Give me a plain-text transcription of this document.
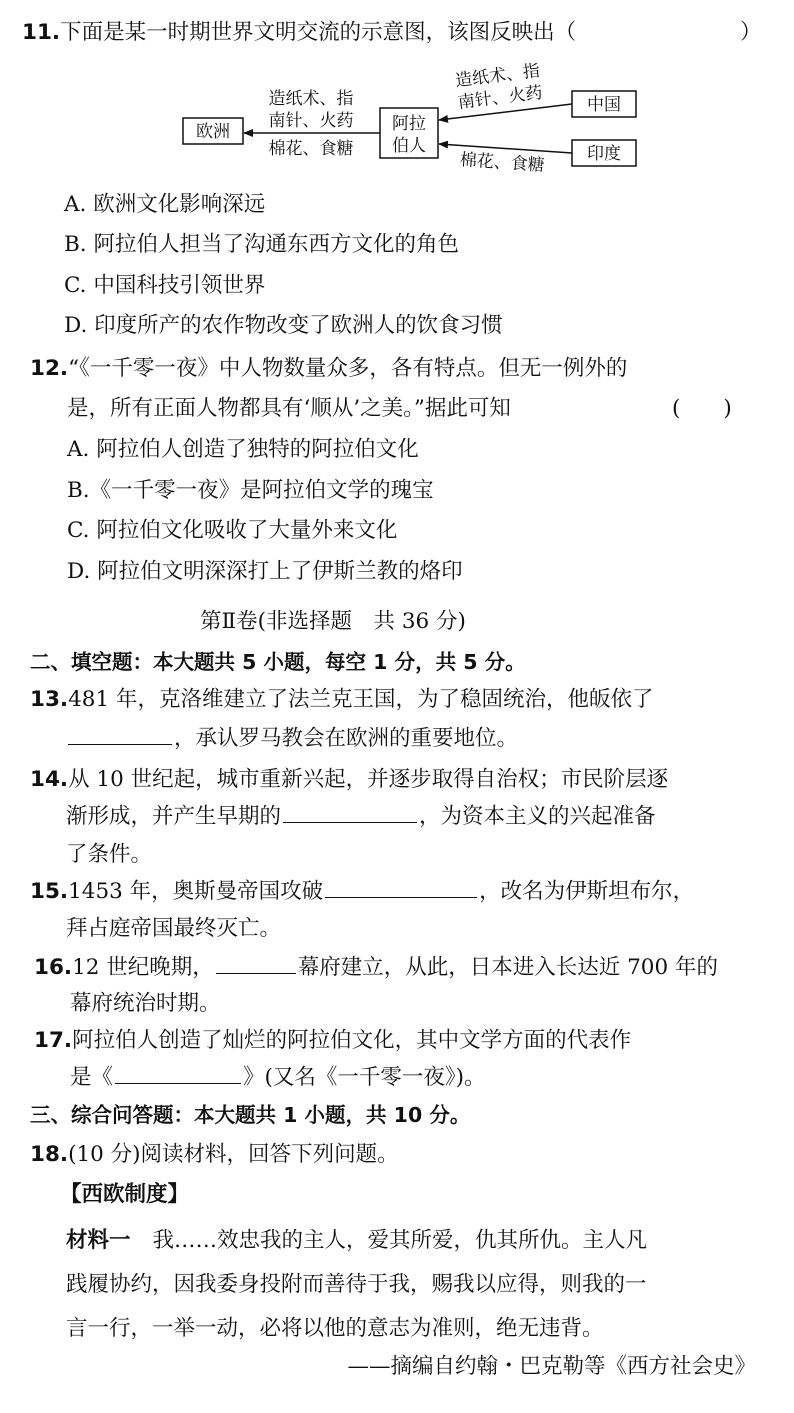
11.下面是某一时期世界文明交流的示意图，该图反映出（	）
欧洲	阿拉
伯人
中国
印度
造纸术、指
南针、火药
棉花、食糖
造纸术、指
南针、火药
棉花、食糖
A. 欧洲文化影响深远
B. 阿拉伯人担当了沟通东西方文化的角色
C. 中国科技引领世界
D. 印度所产的农作物改变了欧洲人的饮食习惯
12.“《一千零一夜》中人物数量众多，各有特点。但无一例外的
是，所有正面人物都具有‘顺从’之美。”据此可知	(　　)
A. 阿拉伯人创造了独特的阿拉伯文化
B.《一千零一夜》是阿拉伯文学的瑰宝
C. 阿拉伯文化吸收了大量外来文化
D. 阿拉伯文明深深打上了伊斯兰教的烙印
第Ⅱ卷(非选择题　共 36 分)
二、填空题：本大题共 5 小题，每空 1 分，共 5 分。
13.481 年，克洛维建立了法兰克王国，为了稳固统治，他皈依了
，承认罗马教会在欧洲的重要地位。
14.从 10 世纪起，城市重新兴起，并逐步取得自治权；市民阶层逐
渐形成，并产生早期的	，为资本主义的兴起准备
了条件。
15.1453 年，奥斯曼帝国攻破	，改名为伊斯坦布尔，
拜占庭帝国最终灭亡。
16.12 世纪晚期，	幕府建立，从此，日本进入长达近 700 年的
幕府统治时期。
17.阿拉伯人创造了灿烂的阿拉伯文化，其中文学方面的代表作
是《	》(又名《一千零一夜》)。
三、综合问答题：本大题共 1 小题，共 10 分。
18.(10 分)阅读材料，回答下列问题。
【西欧制度】
材料一 我……效忠我的主人，爱其所爱，仇其所仇。主人凡
践履协约，因我委身投附而善待于我，赐我以应得，则我的一
言一行，一举一动，必将以他的意志为准则，绝无违背。
——摘编自约翰・巴克勒等《西方社会史》
